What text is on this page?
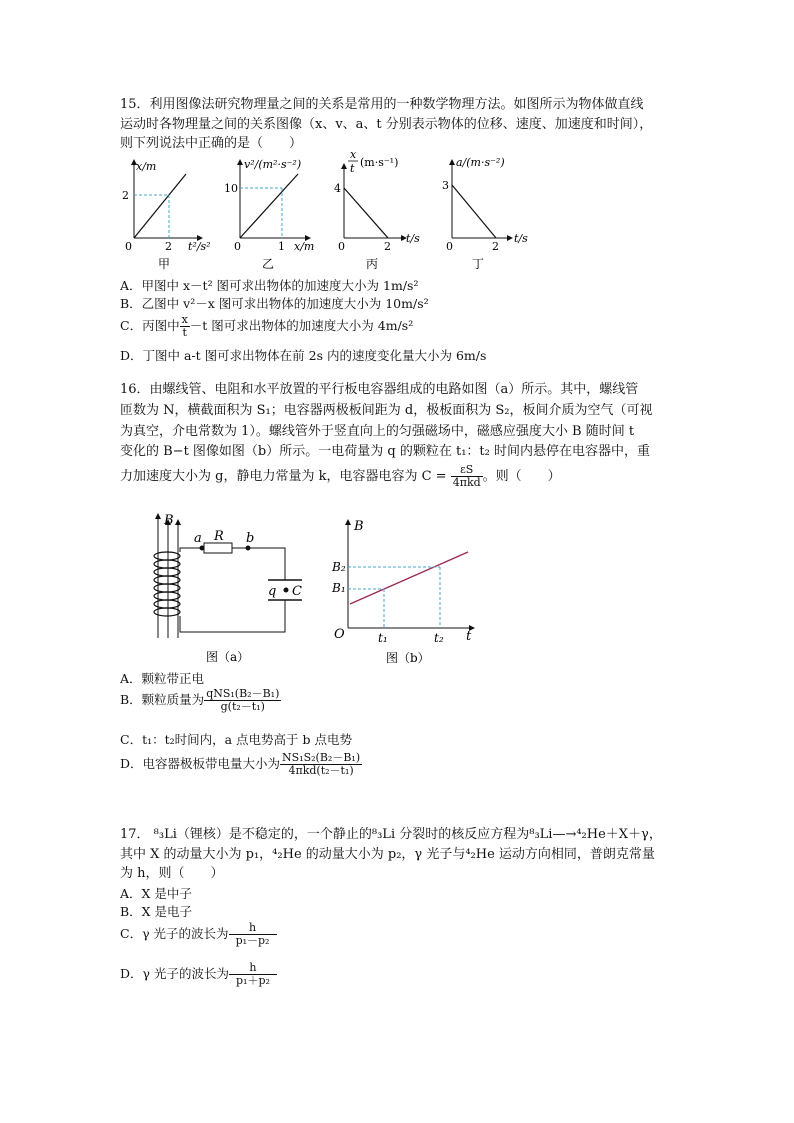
15．利用图像法研究物理量之间的关系是常用的一种数学物理方法。如图所示为物体做直线
运动时各物理量之间的关系图像（x、v、a、t 分别表示物体的位移、速度、加速度和时间），
则下列说法中正确的是（　　）
x/m
2
0	2 t²/s²
甲
v²/(m²·s⁻²)
10
0	1 x/m
乙
x
t (m·s⁻¹)
4
0	2
t/s
丙
a/(m·s⁻²)
3
0	2
t/s
丁
A．甲图中 x－t² 图可求出物体的加速度大小为 1m/s²
B．乙图中 v²－x 图可求出物体的加速度大小为 10m/s²
C．丙图中 $\frac{x}{t} -t$ 图可求出物体的加速度大小为 4m/s²
D．丁图中 a-t 图可求出物体在前 2s 内的速度变化量大小为 6m/s
16．由螺线管、电阻和水平放置的平行板电容器组成的电路如图（a）所示。其中，螺线管
匝数为 N，横截面积为 S₁；电容器两极板间距为 d，极板面积为 S₂，板间介质为空气（可视
为真空，介电常数为 1）。螺线管外于竖直向上的匀强磁场中，磁感应强度大小 B 随时间 t
变化的 B−t 图像如图（b）所示。一电荷量为 q 的颗粒在 t₁：t₂ 时间内悬停在电容器中，重
力加速度大小为 g，静电力常量为 k，电容器电容为 $C = \frac{\varepsilon S}{\text{4πkd}}$ 。则（　　）
B
a R b
q C
图（a）
B
B₂
B₁
O	t₁	t₂ t
图（b）
A．颗粒带正电
B．颗粒质量为 $\frac{\text{qNS₁(B₂－B₁)}}{\text{g(t₂－t₁)}}$
C．t₁：t₂时间内，a 点电势高于 b 点电势
D．电容器极板带电量大小为 $\frac{\text{NS₁S₂(B₂－B₁)}}{\text{4πkd(t₂－t₁)}}$
17． ⁸₃Li（锂核）是不稳定的，一个静止的⁸₃Li 分裂时的核反应方程为⁸₃Li—→⁴₂He＋X＋γ，
其中 X 的动量大小为 p₁，⁴₂He 的动量大小为 p₂，γ 光子与⁴₂He 运动方向相同，普朗克常量
为 h，则（　　）
A．X 是中子
B．X 是电子
C．γ 光子的波长为 $\frac{h}{\text{p₁－p₂}}$
D．γ 光子的波长为 $\frac{h}{\text{p₁＋p₂}}$
